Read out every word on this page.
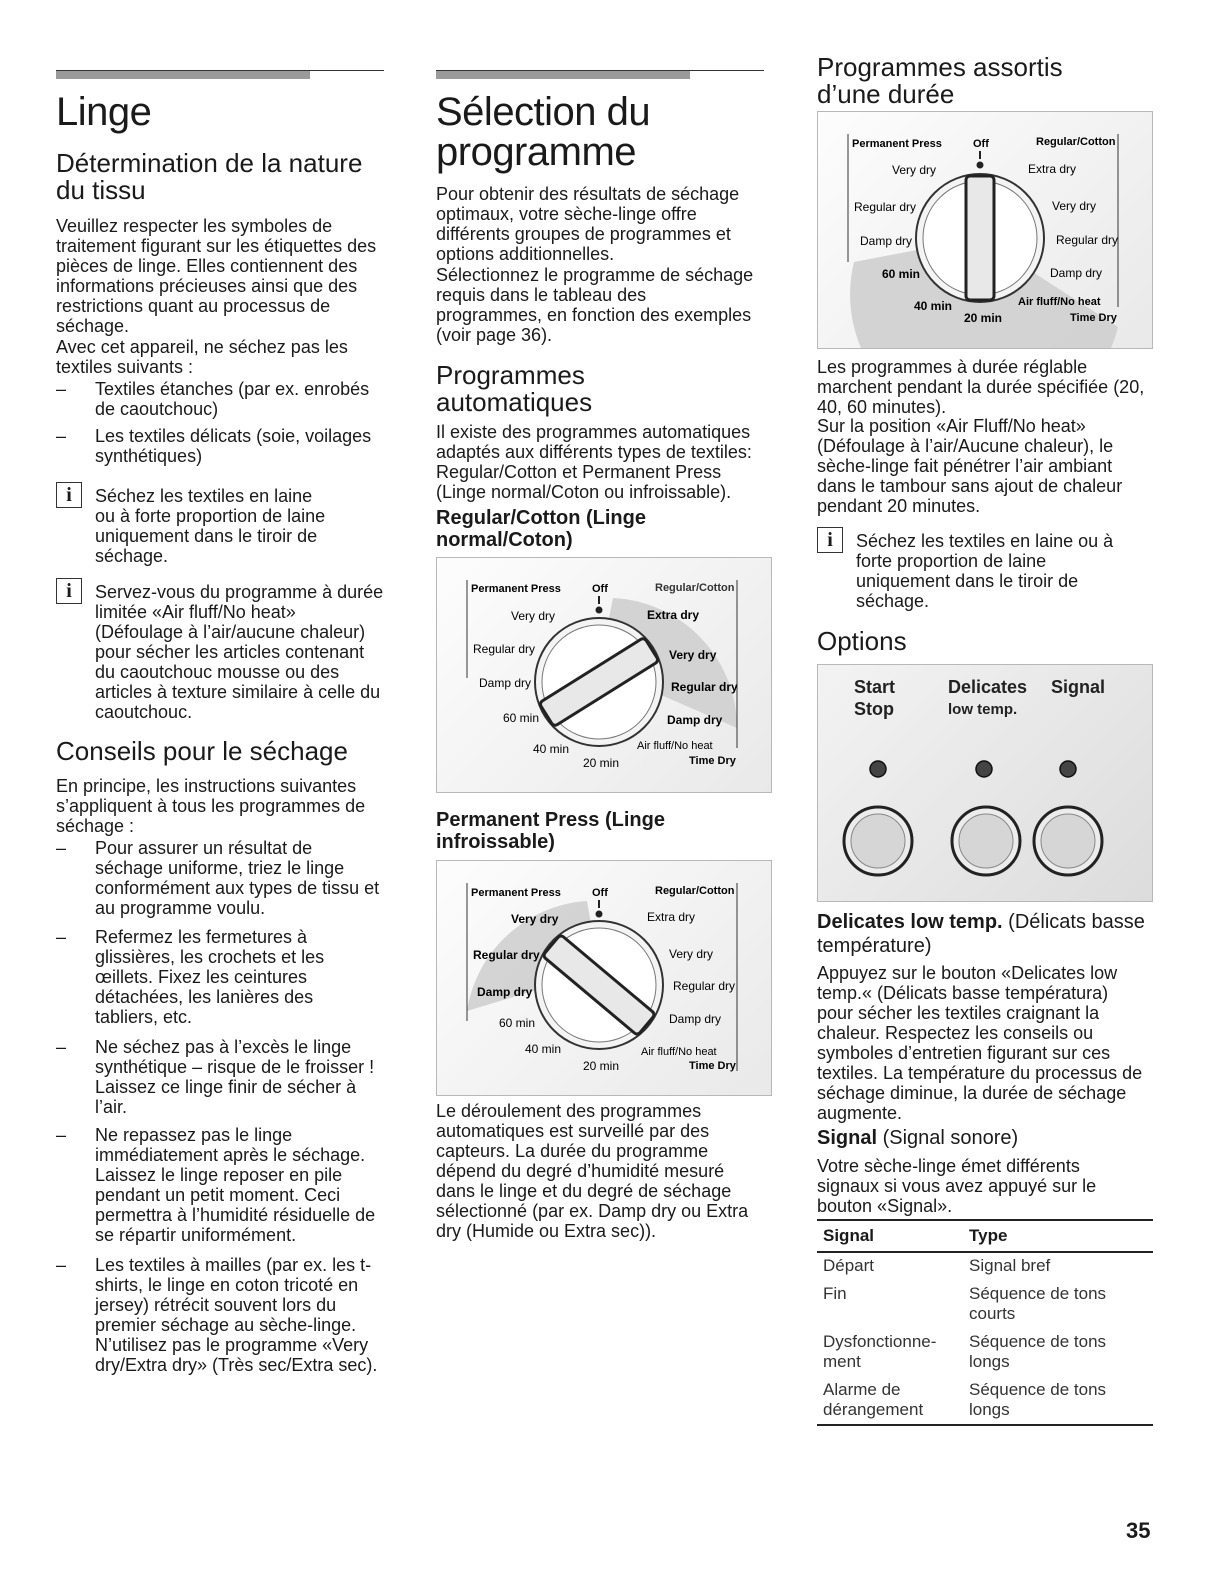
Linge
Détermination de la nature du tissu

Veuillez respecter les symboles de traitement figurant sur les étiquettes des pièces de linge. Elles contiennent des informations précieuses ainsi que des restrictions quant au processus de séchage.

Avec cet appareil, ne séchez pas les textiles suivants :

– Textiles étanches (par ex. enrobés de caoutchouc)
– Les textiles délicats (soie, voilages synthétiques)
i	Séchez les textiles en laine ou à forte proportion de laine uniquement dans le tiroir de séchage.
i	Servez-vous du programme à durée limitée «Air fluff/No heat» (Défoulage à l’air/aucune chaleur) pour sécher les articles contenant du caoutchouc mousse ou des articles à texture similaire à celle du caoutchouc.
Conseils pour le séchage

En principe, les instructions suivantes s’appliquent à tous les programmes de séchage :

– Pour assurer un résultat de séchage uniforme, triez le linge conformément aux types de tissu et au programme voulu.
– Refermez les fermetures à glissières, les crochets et les œillets. Fixez les ceintures détachées, les lanières des tabliers, etc.
– Ne séchez pas à l’excès le linge synthétique – risque de le froisser ! Laissez ce linge finir de sécher à l’air.
– Ne repassez pas le linge immédiatement après le séchage. Laissez le linge reposer en pile pendant un petit moment. Ceci permettra à l’humidité résiduelle de se répartir uniformément.
– Les textiles à mailles (par ex. les t-shirts, le linge en coton tricoté en jersey) rétrécit souvent lors du premier séchage au sèche-linge. N’utilisez pas le programme «Very dry/Extra dry» (Très sec/Extra sec).
Sélection du programme

Pour obtenir des résultats de séchage optimaux, votre sèche-linge offre différents groupes de programmes et options additionnelles.

Sélectionnez le programme de séchage requis dans le tableau des programmes, en fonction des exemples (voir page 36).

Programmes automatiques

Il existe des programmes automatiques adaptés aux différents types de textiles: Regular/Cotton et Permanent Press (Linge normal/Coton ou infroissable).

Regular/Cotton (Linge normal/Coton)
Permanent Press	Off	Regular/Cotton
Very dry
Regular dry
Damp dry
60 min
40 min
20 min
Extra dry
Very dry
Regular dry
Damp dry
Air fluff/No heat
Time Dry
Permanent Press (Linge infroissable)
Permanent Press	Off	Regular/Cotton
Very dry
Regular dry
Damp dry
60 min
40 min
20 min
Extra dry
Very dry
Regular dry
Damp dry
Air fluff/No heat
Time Dry

Le déroulement des programmes automatiques est surveillé par des capteurs. La durée du programme dépend du degré d’humidité mesuré dans le linge et du degré de séchage sélectionné (par ex. Damp dry ou Extra dry (Humide ou Extra sec)).

Programmes assortis d’une durée
Permanent Press	Off	Regular/Cotton
Very dry
Regular dry
Damp dry
60 min
40 min
20 min
Extra dry
Very dry
Regular dry
Damp dry
Air fluff/No heat
Time Dry

Les programmes à durée réglable marchent pendant la durée spécifiée (20, 40, 60 minutes).

Sur la position «Air Fluff/No heat» (Défoulage à l’air/Aucune chaleur), le sèche-linge fait pénétrer l’air ambiant dans le tambour sans ajout de chaleur pendant 20 minutes.

i	Séchez les textiles en laine ou à forte proportion de laine uniquement dans le tiroir de séchage.
Options
Start
Stop
Delicates
low temp.
Signal
Delicates low temp. (Délicats basse température)

Appuyez sur le bouton «Delicates low temp.« (Délicats basse températura) pour sécher les textiles craignant la chaleur. Respectez les conseils ou symboles d’entretien figurant sur ces textiles. La température du processus de séchage diminue, la durée de séchage augmente.

Signal (Signal sonore)

Votre sèche-linge émet différents signaux si vous avez appuyé sur le bouton «Signal».

Signal	Type
Départ	Signal bref
Fin	Séquence de tons courts
Dysfonctionne-ment	Séquence de tons longs
Alarme de dérangement	Séquence de tons longs
35
